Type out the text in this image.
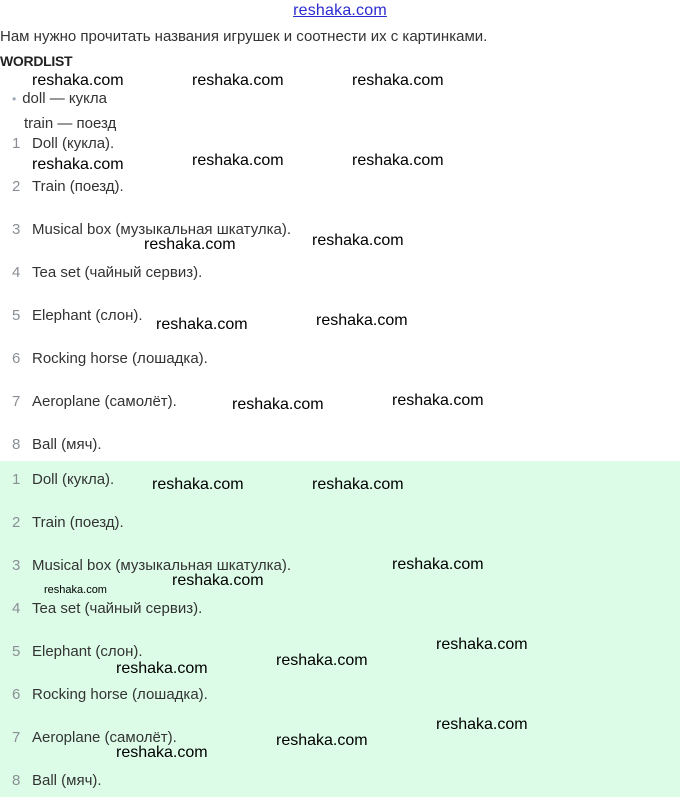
reshaka.com
Нам нужно прочитать названия игрушек и соотнести их с картинками.
WORDLIST
• doll — кукла
train — поезд
1 Doll (кукла).
2 Train (поезд).
3 Musical box (музыкальная шкатулка).
4 Tea set (чайный сервиз).
5 Elephant (слон).
6 Rocking horse (лошадка).
7 Aeroplane (самолёт).
8 Ball (мяч).
1 Doll (кукла).
2 Train (поезд).
3 Musical box (музыкальная шкатулка).
4 Tea set (чайный сервиз).
5 Elephant (слон).
6 Rocking horse (лошадка).
7 Aeroplane (самолёт).
8 Ball (мяч).
reshaka.com	reshaka.com	reshaka.com
reshaka.com	reshaka.com	reshaka.com
reshaka.com	reshaka.com
reshaka.com	reshaka.com
reshaka.com	reshaka.com
reshaka.com	reshaka.com
reshaka.com
reshaka.com
reshaka.com
reshaka.com
reshaka.com
reshaka.com
reshaka.com
reshaka.com
reshaka.com
